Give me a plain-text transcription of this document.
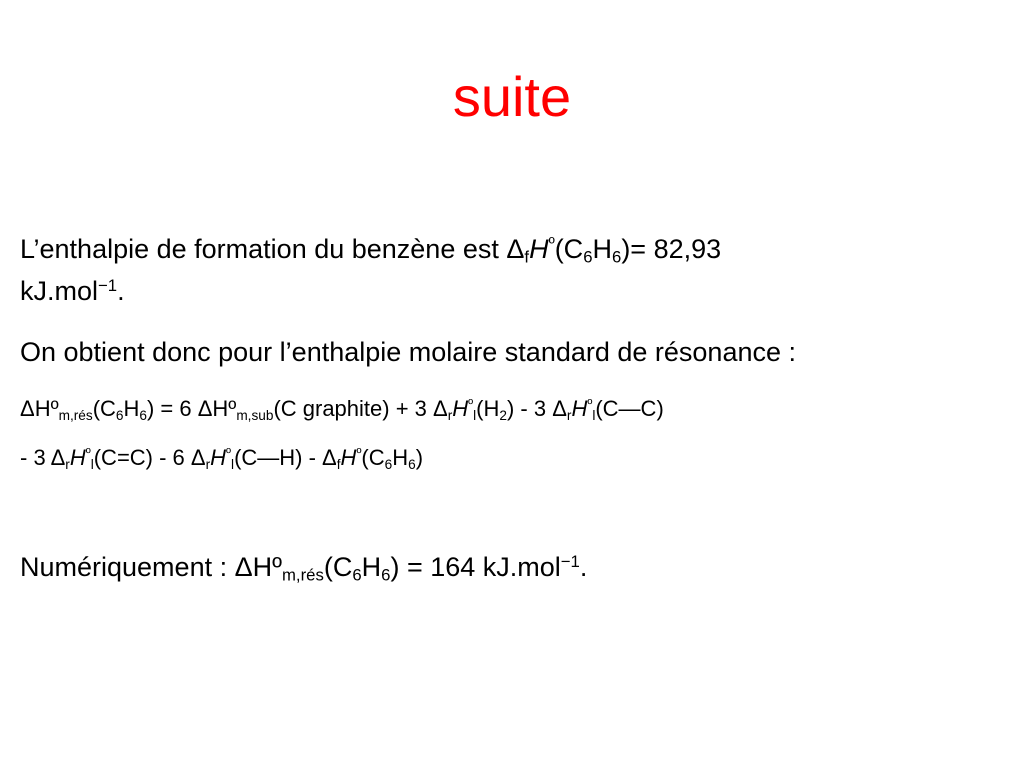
suite
L’enthalpie de formation du benzène est $\Delta_fH^º(C_6H_6)= 82,93$
kJ.mol$^{-1}$.
On obtient donc pour l’enthalpie molaire standard de résonance :
$\Delta Hº_{m,rés}(C_6H_6) = 6$ ΔHº$_{m,sub}$(C graphite) + 3 $\Delta_rH^º_l(H_2) - 3$ $\Delta_rH^º_l(C—C)$
- 3 $\Delta_rH^º_l(C=C) - 6$ $\Delta_rH^º_l(C—H) - \Delta_fH^º(C_6H_6)$
Numériquement : $\Delta Hº_{m,rés}(C_6H_6) = 164$ kJ.mol$^{-1}$.
